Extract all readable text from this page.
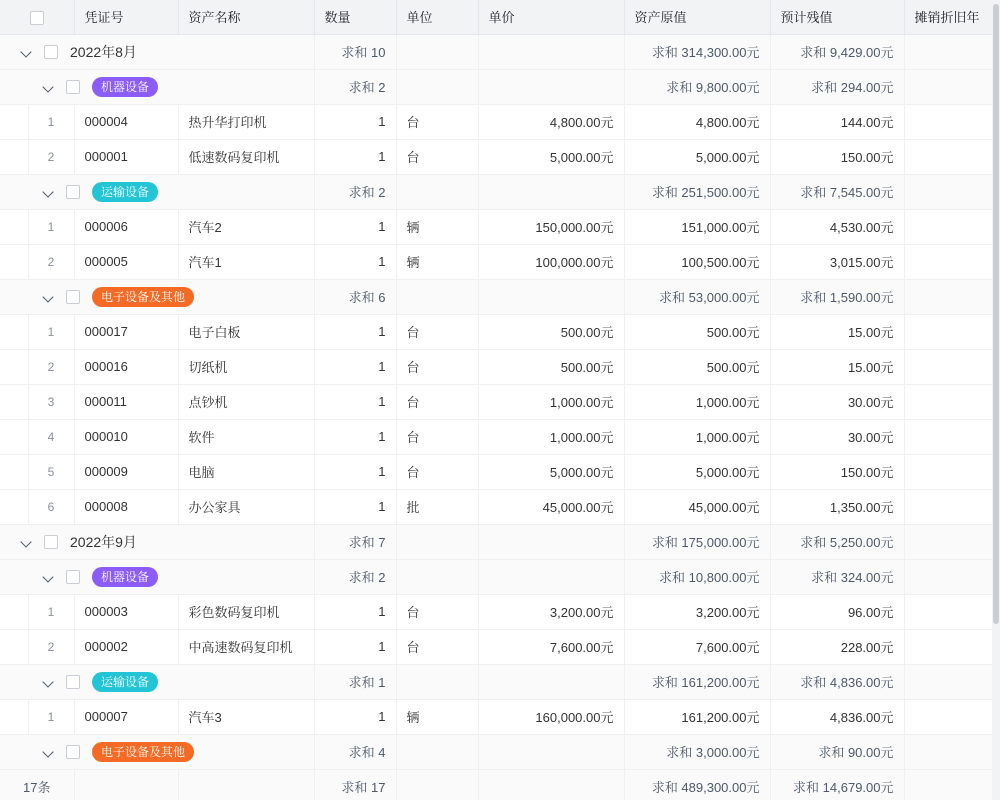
		凭证号	资产名称	数量	单位	单价	资产原值	预计残值	摊销折旧年

2022年8月				求和 10			求和 314,300.00元	求和 9,429.00元	

机器设备				求和 2			求和 9,800.00元	求和 294.00元	
	1	000004	热升华打印机	1	台	4,800.00元	4,800.00元	144.00元	
	2	000001	低速数码复印机	1	台	5,000.00元	5,000.00元	150.00元	

运输设备				求和 2			求和 251,500.00元	求和 7,545.00元	
	1	000006	汽车2	1	辆	150,000.00元	151,000.00元	4,530.00元	
	2	000005	汽车1	1	辆	100,000.00元	100,500.00元	3,015.00元	

电子设备及其他				求和 6			求和 53,000.00元	求和 1,590.00元	
	1	000017	电子白板	1	台	500.00元	500.00元	15.00元	
	2	000016	切纸机	1	台	500.00元	500.00元	15.00元	
	3	000011	点钞机	1	台	1,000.00元	1,000.00元	30.00元	
	4	000010	软件	1	台	1,000.00元	1,000.00元	30.00元	
	5	000009	电脑	1	台	5,000.00元	5,000.00元	150.00元	
	6	000008	办公家具	1	批	45,000.00元	45,000.00元	1,350.00元	

2022年9月				求和 7			求和 175,000.00元	求和 5,250.00元	

机器设备				求和 2			求和 10,800.00元	求和 324.00元	
	1	000003	彩色数码复印机	1	台	3,200.00元	3,200.00元	96.00元	
	2	000002	中高速数码复印机	1	台	7,600.00元	7,600.00元	228.00元	

运输设备				求和 1			求和 161,200.00元	求和 4,836.00元	
	1	000007	汽车3	1	辆	160,000.00元	161,200.00元	4,836.00元	

电子设备及其他				求和 4			求和 3,000.00元	求和 90.00元	
17条				求和 17			求和 489,300.00元	求和 14,679.00元	
